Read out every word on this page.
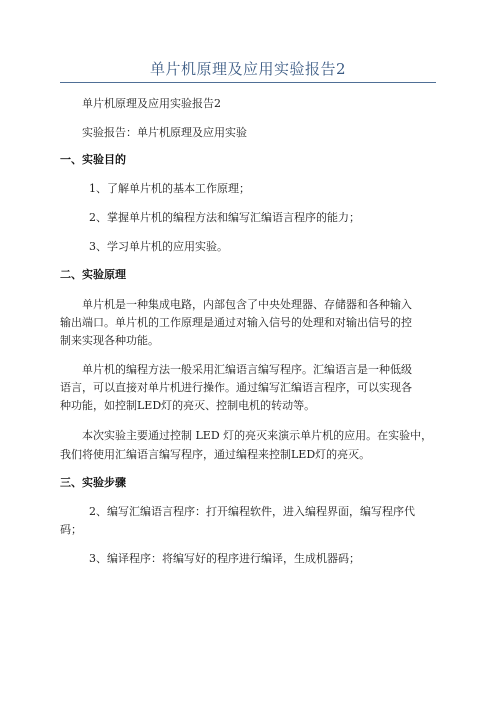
单片机原理及应用实验报告2
单片机原理及应用实验报告2
实验报告：单片机原理及应用实验
一、实验目的
1、了解单片机的基本工作原理；
2、掌握单片机的编程方法和编写汇编语言程序的能力；
3、学习单片机的应用实验。
二、实验原理
单片机是一种集成电路，内部包含了中央处理器、存储器和各种输入
输出端口。单片机的工作原理是通过对输入信号的处理和对输出信号的控
制来实现各种功能。
单片机的编程方法一般采用汇编语言编写程序。汇编语言是一种低级
语言，可以直接对单片机进行操作。通过编写汇编语言程序，可以实现各
种功能，如控制LED灯的亮灭、控制电机的转动等。
本次实验主要通过控制 LED 灯的亮灭来演示单片机的应用。在实验中，
我们将使用汇编语言编写程序，通过编程来控制LED灯的亮灭。
三、实验步骤
2、编写汇编语言程序：打开编程软件，进入编程界面，编写程序代
码；
3、编译程序：将编写好的程序进行编译，生成机器码；
